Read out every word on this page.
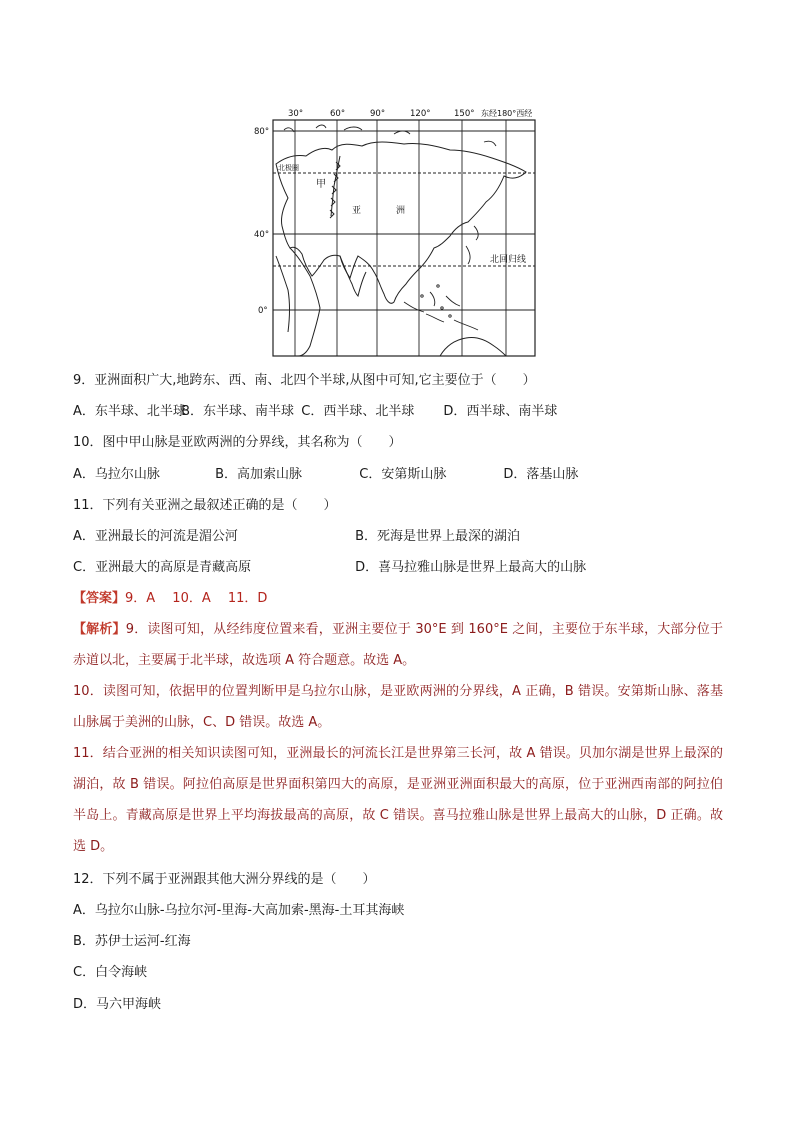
30°	60°	90°	120°	150° 东经180°西经
80°
40°
0°
北极圈
甲
亚	洲
北回归线
9．亚洲面积广大,地跨东、西、南、北四个半球,从图中可知,它主要位于（　　）
A．东半球、北半球 B．东半球、南半球 C．西半球、北半球 D．西半球、南半球
10．图中甲山脉是亚欧两洲的分界线，其名称为（　　）
A．乌拉尔山脉	B．高加索山脉	C．安第斯山脉	D．落基山脉
11．下列有关亚洲之最叙述正确的是（　　）
A．亚洲最长的河流是湄公河	B．死海是世界上最深的湖泊
C．亚洲最大的高原是青藏高原	D．喜马拉雅山脉是世界上最高大的山脉
【答案】9．A　 10．A　 11．D

【解析】9．读图可知，从经纬度位置来看，亚洲主要位于 30°E 到 160°E 之间，主要位于东半球，大部分位于赤道以北，主要属于北半球，故选项 A 符合题意。故选 A。

10．读图可知，依据甲的位置判断甲是乌拉尔山脉，是亚欧两洲的分界线，A 正确，B 错误。安第斯山脉、落基山脉属于美洲的山脉，C、D 错误。故选 A。

11．结合亚洲的相关知识读图可知，亚洲最长的河流长江是世界第三长河，故 A 错误。贝加尔湖是世界上最深的湖泊，故 B 错误。阿拉伯高原是世界面积第四大的高原，是亚洲亚洲面积最大的高原，位于亚洲西南部的阿拉伯半岛上。青藏高原是世界上平均海拔最高的高原，故 C 错误。喜马拉雅山脉是世界上最高大的山脉，D 正确。故选 D。

12．下列不属于亚洲跟其他大洲分界线的是（　　）
A．乌拉尔山脉-乌拉尔河-里海-大高加索-黑海-土耳其海峡
B．苏伊士运河-红海
C．白令海峡
D．马六甲海峡
